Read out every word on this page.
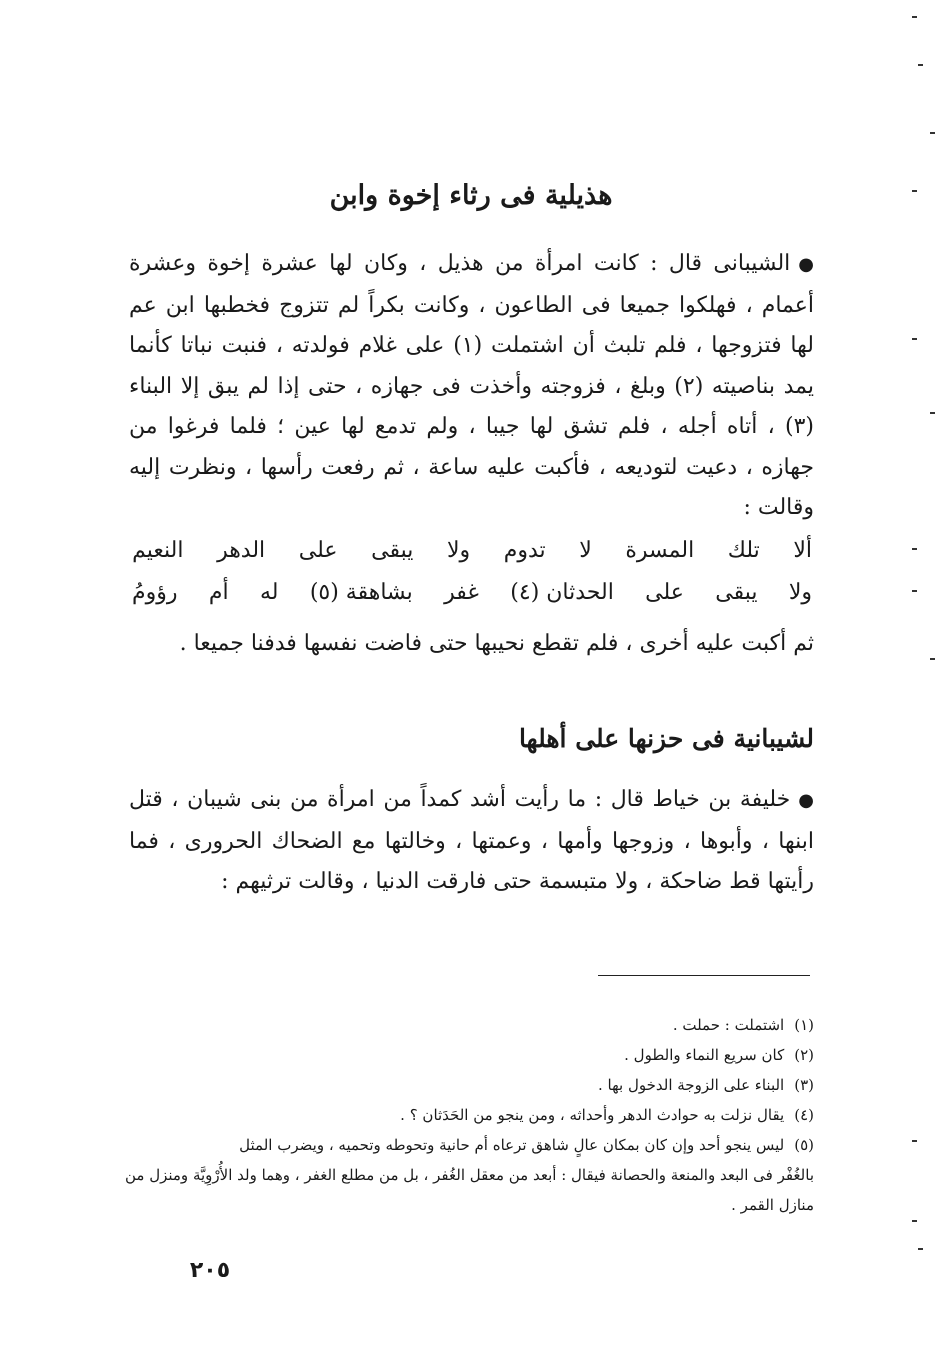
هذيلية فى رثاء إخوة وابن
●الشيبانى قال : كانت امرأة من هذيل ، وكان لها عشرة إخوة وعشرة أعمام ، فهلكوا جميعا فى الطاعون ، وكانت بكراً لم تتزوج فخطبها ابن عم لها فتزوجها ، فلم تلبث أن اشتملت (١) على غلام فولدته ، فنبت نباتا كأنما يمد بناصيته (٢) وبلغ ، فزوجته وأخذت فى جهازه ، حتى إذا لم يبق إلا البناء (٣) ، أتاه أجله ، فلم تشق لها جيبا ، ولم تدمع لها عين ؛ فلما فرغوا من جهازه ، دعيت لتوديعه ، فأكبت عليه ساعة ، ثم رفعت رأسها ، ونظرت إليه وقالت :
ألا
تلك
المسرة
لا
تدوم
ولا
يبقى
على
الدهر
النعيم
ولا
يبقى
على
الحدثان (٤)
غفر
بشاهقة (٥)
له
أم
رؤومُ
ثم أكبت عليه أخرى ، فلم تقطع نحيبها حتى فاضت نفسها فدفنا جميعا .
لشيبانية فى حزنها على أهلها
●خليفة بن خياط قال : ما رأيت أشد كمداً من امرأة من بنى شيبان ، قتل ابنها ، وأبوها ، وزوجها وأمها ، وعمتها ، وخالتها مع الضحاك الحرورى ، فما رأيتها قط ضاحكة ، ولا متبسمة حتى فارقت الدنيا ، وقالت ترثيهم :
(١)
اشتملت : حملت .
(٢)
كان سريع النماء والطول .
(٣)
البناء على الزوجة الدخول بها .
(٤)
يقال نزلت به حوادث الدهر وأحداثه ، ومن ينجو من الحَدَثان ؟ .
(٥)
ليس ينجو أحد وإن كان بمكان عالٍ شاهق ترعاه أم حانية وتحوطه وتحميه ، ويضرب المثل
بالغُفْر فى البعد والمنعة والحصانة فيقال : أبعد من معقل الغُفر ، بل من مطلع الغفر ، وهما ولد الأُرْوِيَّة ومنزل من منازل القمر .
٢٠٥
